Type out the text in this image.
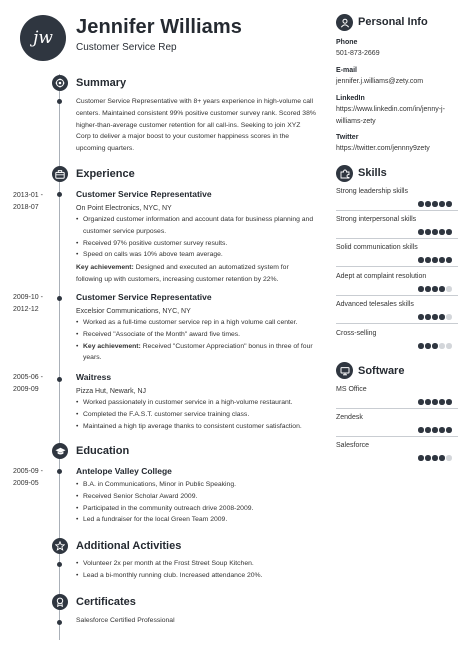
jw	Jennifer Williams
Customer Service Rep
Summary
Customer Service Representative with 8+ years experience in high-volume call centers. Maintained consistent 99% positive customer survey rank. Scored 38% higher-than-average customer retention for all call-ins. Seeking to join XYZ Corp to deliver a major boost to your customer happiness scores in the upcoming quarters.
Experience
2013-01 -
2018-07
Customer Service Representative
On Point Electronics, NYC, NY
• Organized customer information and account data for business planning and customer service purposes.
• Received 97% positive customer survey results.
• Speed on calls was 10% above team average.
Key achievement: Designed and executed an automatized system for following up with customers, increasing customer retention by 22%.
2009-10 -
2012-12
Customer Service Representative
Excelsior Communications, NYC, NY
• Worked as a full-time customer service rep in a high volume call center.
• Received "Associate of the Month" award five times.
• Key achievement: Received "Customer Appreciation" bonus in three of four years.
2005-06 -
2009-09
Waitress
Pizza Hut, Newark, NJ
• Worked passionately in customer service in a high-volume restaurant.
• Completed the F.A.S.T. customer service training class.
• Maintained a high tip average thanks to consistent customer satisfaction.
Education
2005-09 -
2009-05
Antelope Valley College
• B.A. in Communications, Minor in Public Speaking.
• Received Senior Scholar Award 2009.
• Participated in the community outreach drive 2008-2009.
• Led a fundraiser for the local Green Team 2009.
Additional Activities
• Volunteer 2x per month at the Frost Street Soup Kitchen.
• Lead a bi-monthly running club. Increased attendance 20%.
Certificates
Salesforce Certified Professional
Personal Info
Phone
501-873-2669
E-mail
jennifer.j.williams@zety.com
LinkedIn
https://www.linkedin.com/in/jenny-j-williams-zety
Twitter
https://twitter.com/jennny9zety
Skills
Strong leadership skills
Strong interpersonal skills
Solid communication skills
Adept at complaint resolution
Advanced telesales skills
Cross-selling
Software
MS Office
Zendesk
Salesforce
